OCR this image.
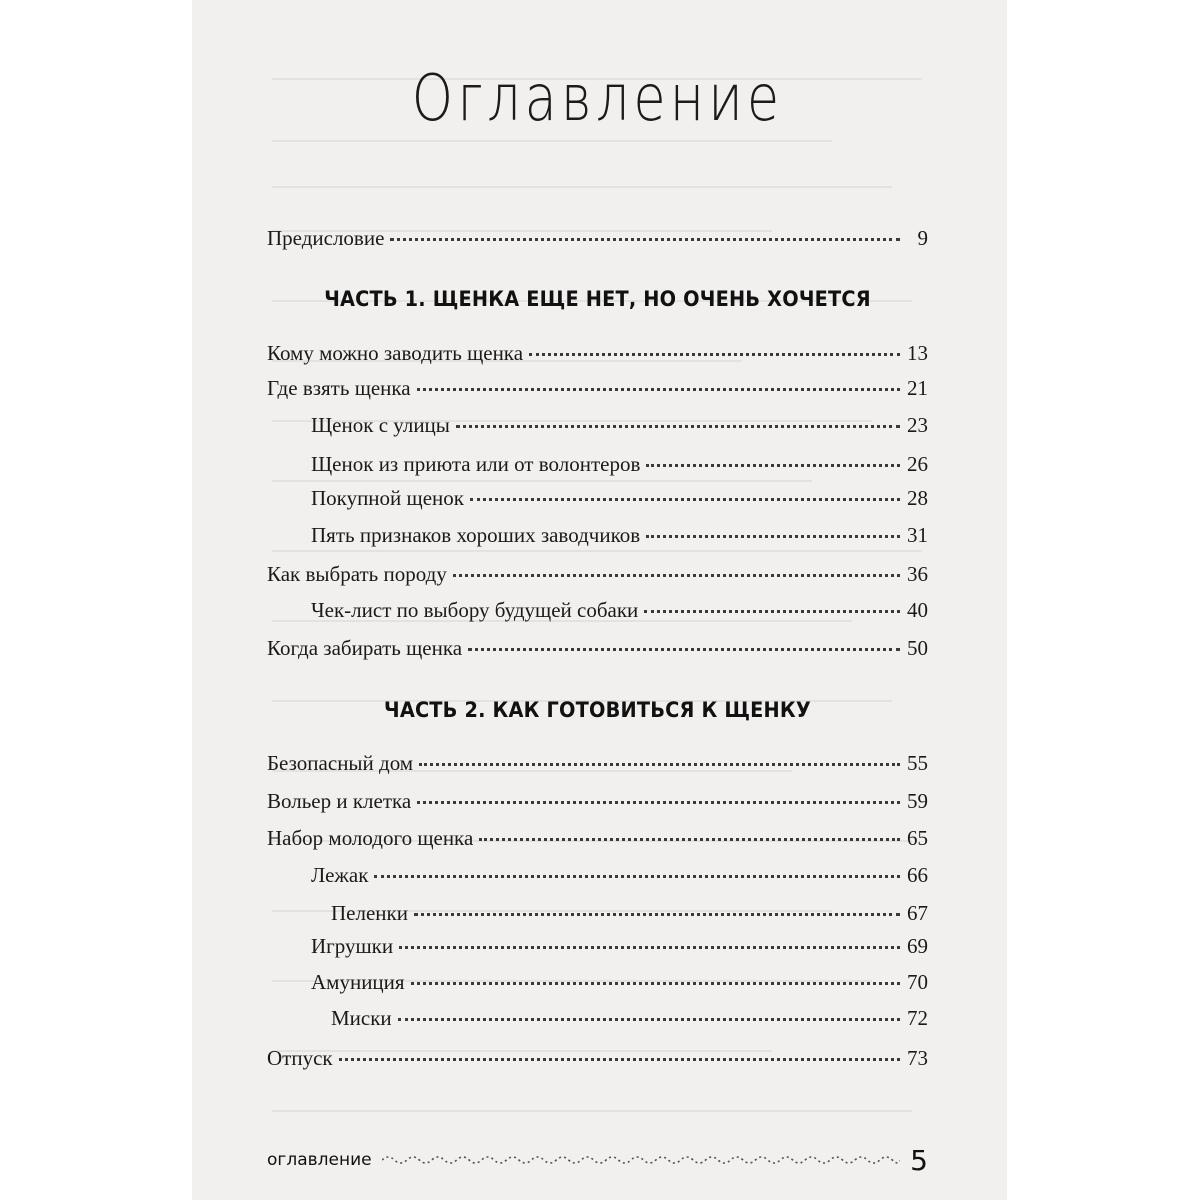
Оглавление
Предисловие	9
ЧАСТЬ 1. ЩЕНКА ЕЩЕ НЕТ, НО ОЧЕНЬ ХОЧЕТСЯ
Кому можно заводить щенка	13
Где взять щенка	21
Щенок с улицы	23
Щенок из приюта или от волонтеров	26
Покупной щенок	28
Пять признаков хороших заводчиков	31
Как выбрать породу	36
Чек-лист по выбору будущей собаки	40
Когда забирать щенка	50
ЧАСТЬ 2. КАК ГОТОВИТЬСЯ К ЩЕНКУ
Безопасный дом	55
Вольер и клетка	59
Набор молодого щенка	65
Лежак	66
Пеленки	67
Игрушки	69
Амуниция	70
Миски	72
Отпуск	73
оглавление	5
